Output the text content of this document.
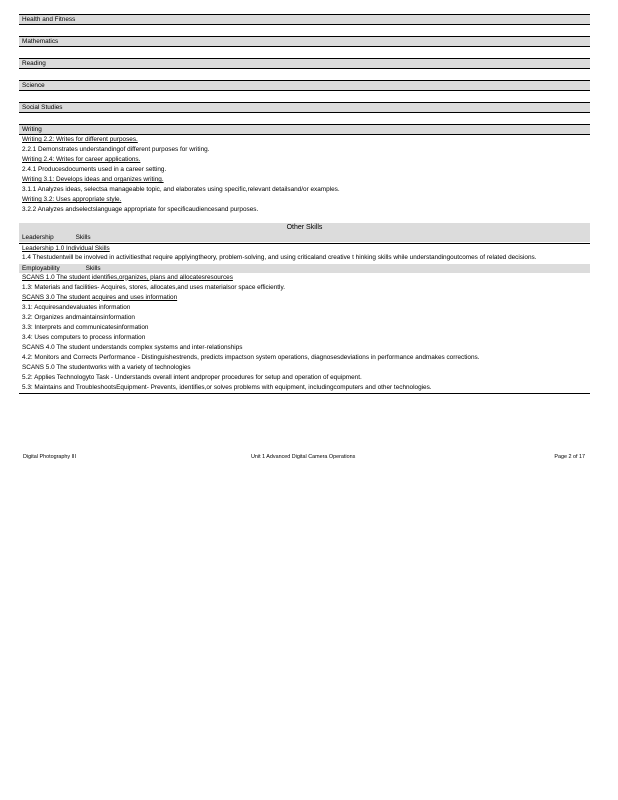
Health and Fitness
Mathematics
Reading
Science
Social Studies
Writing
Writing 2.2: Writes for different purposes.
2.2.1 Demonstrates understandingof different purposes for writing.
Writing 2.4: Writes for career applications.
2.4.1 Producesdocuments used in a career setting.
Writing 3.1: Develops ideas and organizes writing.
3.1.1 Analyzes ideas, selectsa manageable topic, and elaborates using specific,relevant detailsand/or examples.
Writing 3.2: Uses appropriate style.
3.2.2 Analyzes andselectslanguage appropriate for specificaudiencesand purposes.
Other Skills
Leadership	Skills
Leadership 1.0 Individual Skills
1.4 Thestudentwill be involved in activitiesthat require applyingtheory, problem-solving, and using criticaland creative t hinking skills while understandingoutcomes of related decisions.
Employability	Skills
SCANS 1.0 The student identifies,organizes, plans and allocatesresources
1.3: Materials and facilities- Acquires, stores, allocates,and uses materialsor space efficiently.
SCANS 3.0 The student acquires and uses information
3.1: Acquiresandevaluates information
3.2: Organizes andmaintainsinformation
3.3: Interprets and communicatesinformation
3.4: Uses computers to process information
SCANS 4.0 The student understands complex systems and inter-relationships
4.2: Monitors and Corrects Performance - Distinguishestrends, predicts impactson system operations, diagnosesdeviations in performance andmakes corrections.
SCANS 5.0 The studentworks with a variety of technologies
5.2: Applies Technologyto Task - Understands overall intent andproper procedures for setup and operation of equipment.
5.3: Maintains and TroubleshootsEquipment- Prevents, identifies,or solves problems with equipment, includingcomputers and other technologies.
Digital Photography III	Unit 1 Advanced Digital Camera Operations	Page 2 of 17
